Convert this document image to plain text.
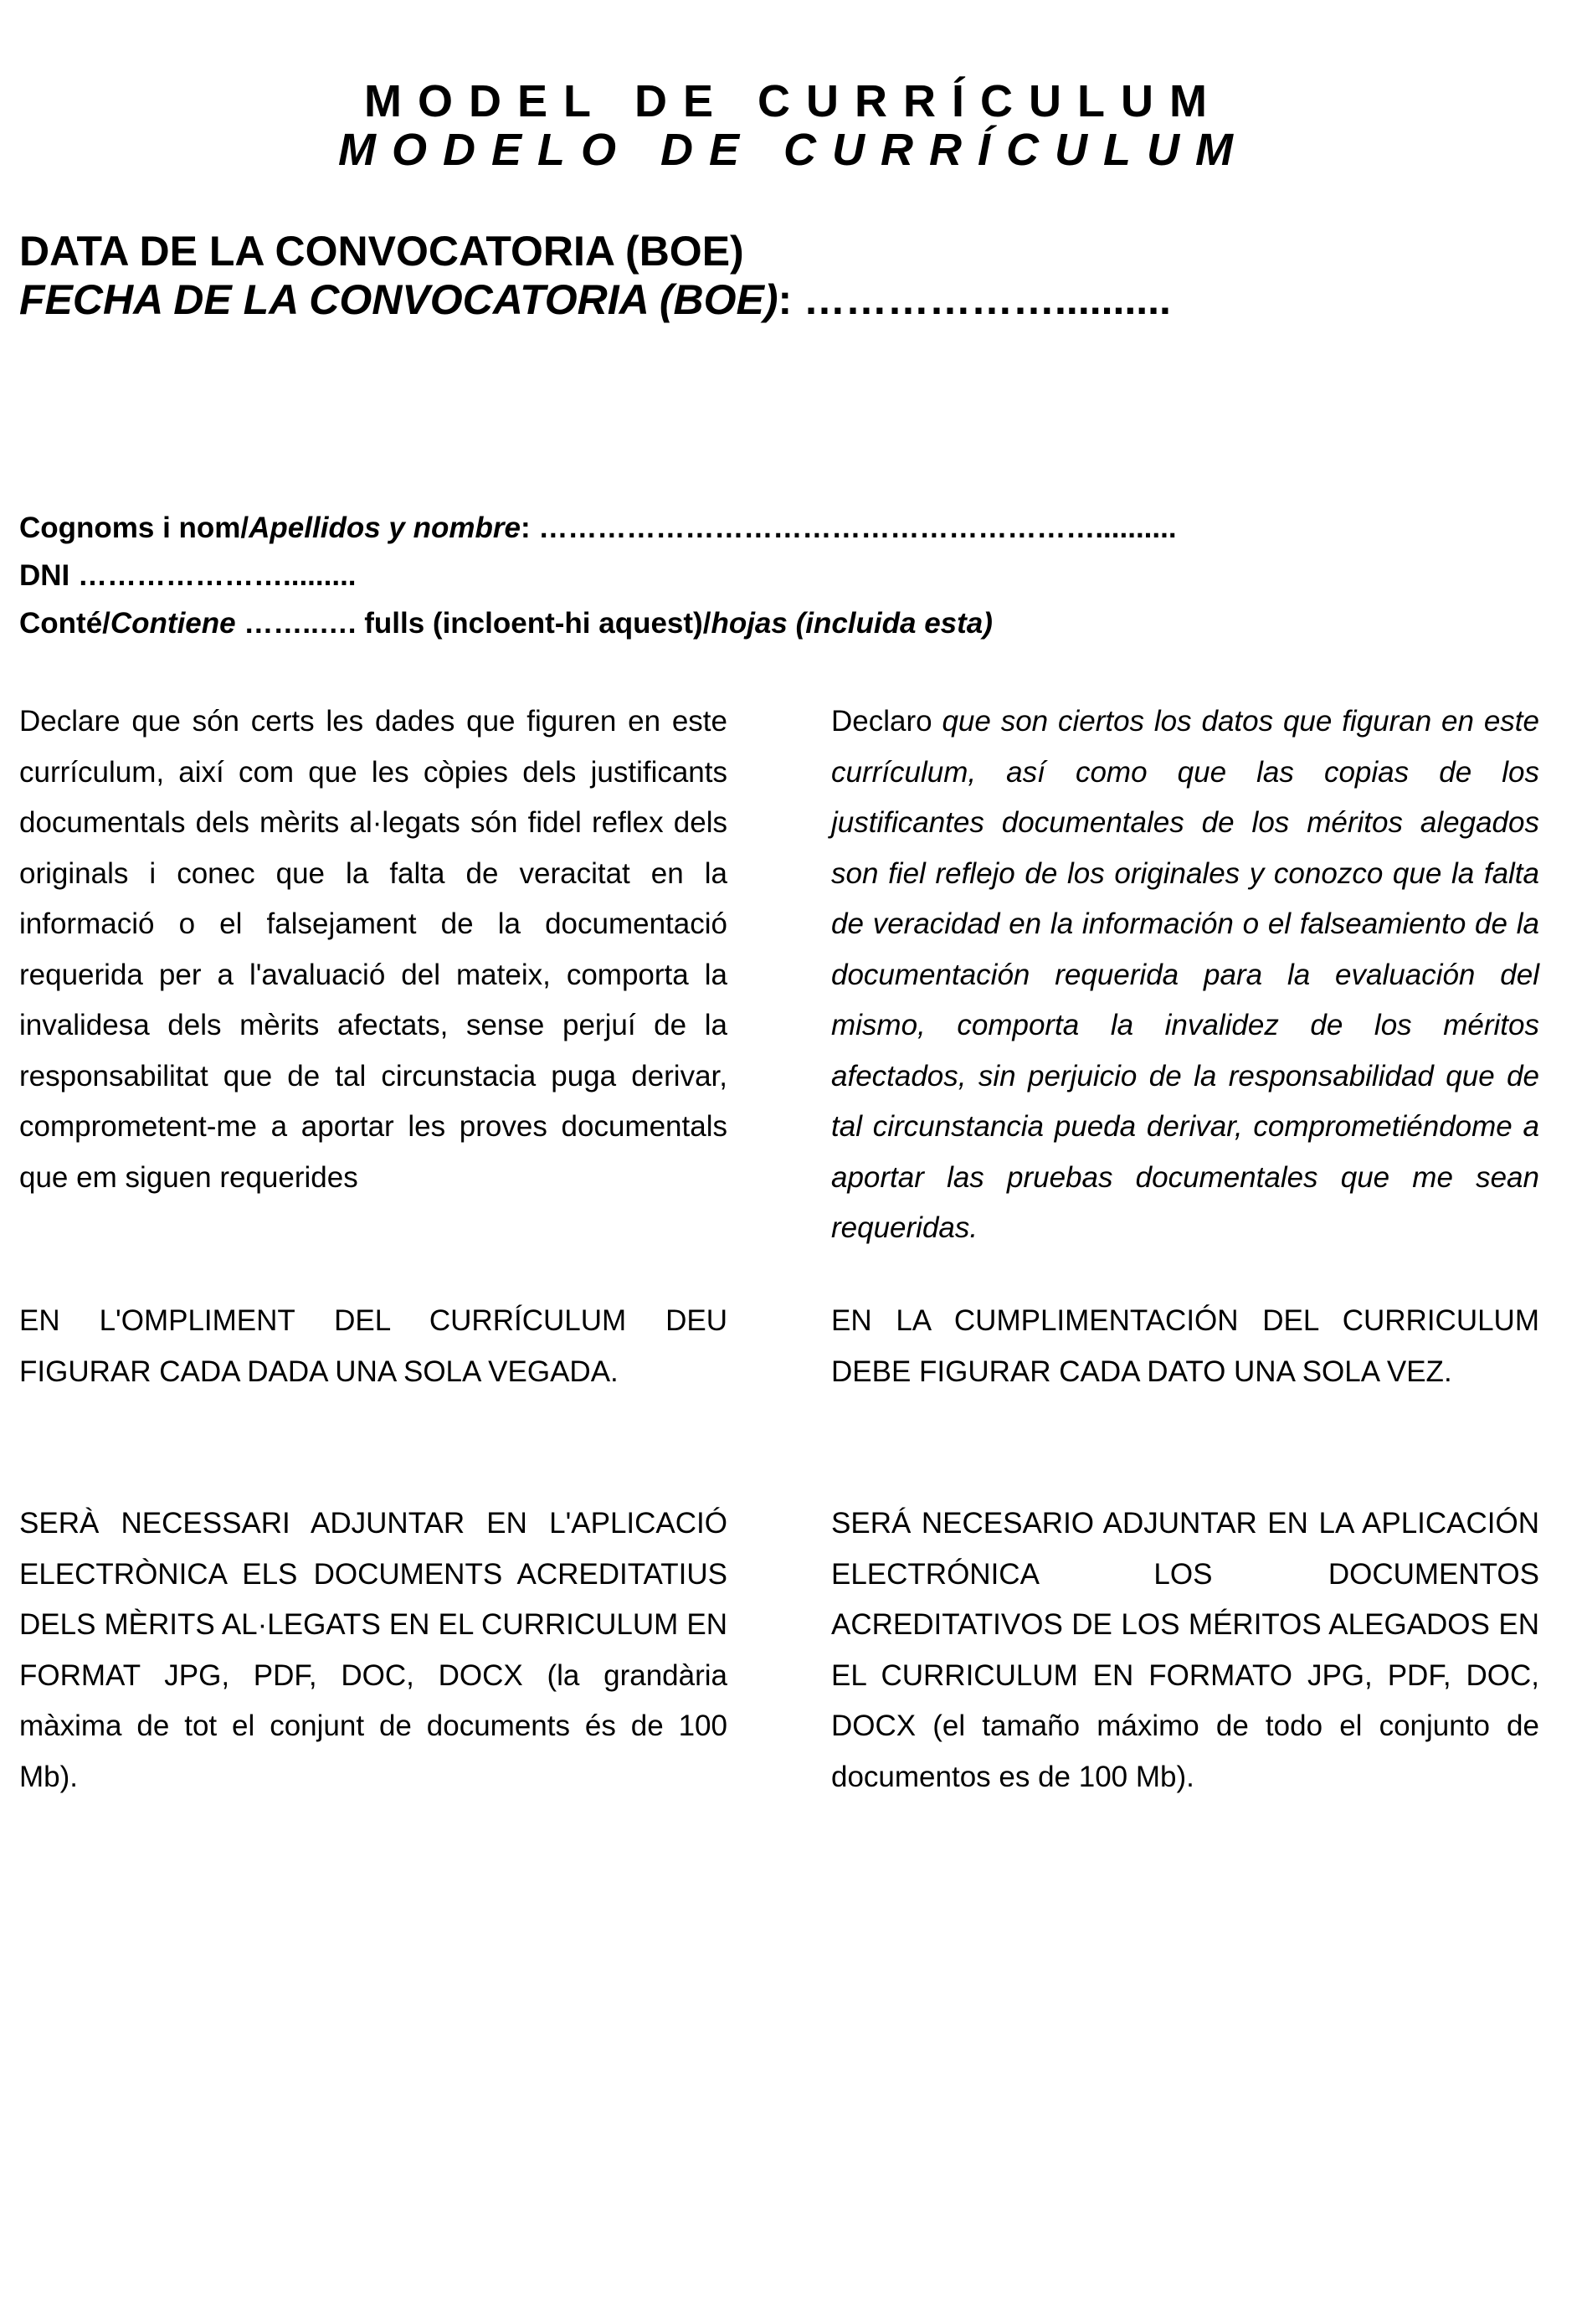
MODEL DE CURRÍCULUM
MODELO DE CURRÍCULUM
DATA DE LA CONVOCATORIA (BOE)
FECHA DE LA CONVOCATORIA (BOE): ………………..........
Cognoms i nom/Apellidos y nombre: …………………………………………………..........
DNI ………………….........
Conté/Contiene ……..…. fulls (incloent-hi aquest)/hojas (incluida esta)

Declare que són certs les dades que figuren en este currículum, així com que les còpies dels justificants documentals dels mèrits al·legats són fidel reflex dels originals i conec que la falta de veracitat en la informació o el falsejament de la documentació requerida per a l'avaluació del mateix, comporta la invalidesa dels mèrits afectats, sense perjuí de la responsabilitat que de tal circunstacia puga derivar, comprometent-me a aportar les proves documentals que em siguen requerides

Declaro que son ciertos los datos que figuran en este currículum, así como que las copias de los justificantes documentales de los méritos alegados son fiel reflejo de los originales y conozco que la falta de veracidad en la información o el falseamiento de la documentación requerida para la evaluación del mismo, comporta la invalidez de los méritos afectados, sin perjuicio de la responsabilidad que de tal circunstancia pueda derivar, comprometiéndome a aportar las pruebas documentales que me sean requeridas.

EN L'OMPLIMENT DEL CURRÍCULUM DEU FIGURAR CADA DADA UNA SOLA VEGADA.

EN LA CUMPLIMENTACIÓN DEL CURRICULUM DEBE FIGURAR CADA DATO UNA SOLA VEZ.

SERÀ NECESSARI ADJUNTAR EN L'APLICACIÓ ELECTRÒNICA ELS DOCUMENTS ACREDITATIUS DELS MÈRITS AL·LEGATS EN EL CURRICULUM EN FORMAT JPG, PDF, DOC, DOCX (la grandària màxima de tot el conjunt de documents és de 100 Mb).

SERÁ NECESARIO ADJUNTAR EN LA APLICACIÓN ELECTRÓNICA LOS DOCUMENTOS ACREDITATIVOS DE LOS MÉRITOS ALEGADOS EN EL CURRICULUM EN FORMATO JPG, PDF, DOC, DOCX (el tamaño máximo de todo el conjunto de documentos es de 100 Mb).
